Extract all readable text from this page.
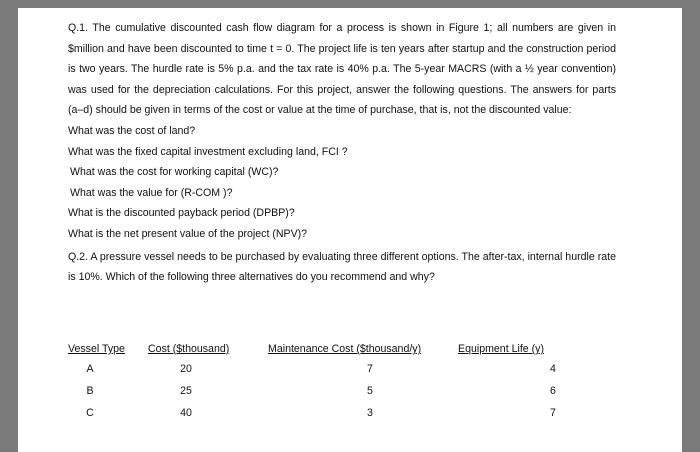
Q.1. The cumulative discounted cash flow diagram for a process is shown in Figure 1; all numbers are given in $million and have been discounted to time t = 0. The project life is ten years after startup and the construction period is two years. The hurdle rate is 5% p.a. and the tax rate is 40% p.a. The 5-year MACRS (with a ½ year convention) was used for the depreciation calculations. For this project, answer the following questions. The answers for parts (a–d) should be given in terms of the cost or value at the time of purchase, that is, not the discounted value:

What was the cost of land?

What was the fixed capital investment excluding land, FCI ?

What was the cost for working capital (WC)?

What was the value for (R-COM )?

What is the discounted payback period (DPBP)?

What is the net present value of the project (NPV)?

Q.2. A pressure vessel needs to be purchased by evaluating three different options. The after-tax, internal hurdle rate is 10%. Which of the following three alternatives do you recommend and why?

Vessel Type	Cost ($thousand)	Maintenance Cost ($thousand/y)	Equipment Life (y)
A	20	7	4
B	25	5	6
C	40	3	7
